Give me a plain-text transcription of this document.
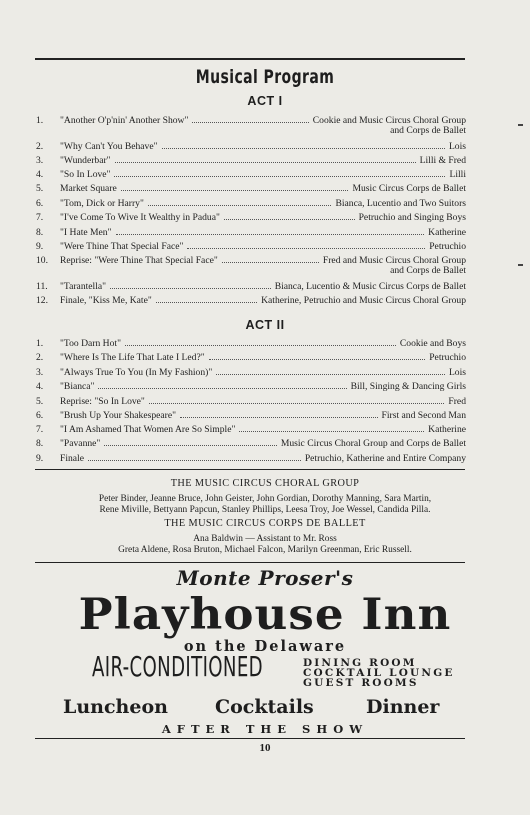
Musical Program
ACT I
1.	"Another O'p'nin' Another Show"	Cookie and Music Circus Choral Group
and Corps de Ballet
2.	"Why Can't You Behave"	Lois
3.	"Wunderbar"	Lilli & Fred
4.	"So In Love"	Lilli
5.	Market Square	Music Circus Corps de Ballet
6.	"Tom, Dick or Harry"	Bianca, Lucentio and Two Suitors
7.	"I've Come To Wive It Wealthy in Padua"	Petruchio and Singing Boys
8.	"I Hate Men"	Katherine
9.	"Were Thine That Special Face"	Petruchio
10.	Reprise: "Were Thine That Special Face"	Fred and Music Circus Choral Group
and Corps de Ballet
11.	"Tarantella"	Bianca, Lucentio & Music Circus Corps de Ballet
12.	Finale, "Kiss Me, Kate"	Katherine, Petruchio and Music Circus Choral Group
ACT II
1.	"Too Darn Hot"	Cookie and Boys
2.	"Where Is The Life That Late I Led?"	Petruchio
3.	"Always True To You (In My Fashion)"	Lois
4.	"Bianca"	Bill, Singing & Dancing Girls
5.	Reprise: "So In Love"	Fred
6.	"Brush Up Your Shakespeare"	First and Second Man
7.	"I Am Ashamed That Women Are So Simple"	Katherine
8.	"Pavanne"	Music Circus Choral Group and Corps de Ballet
9.	Finale	Petruchio, Katherine and Entire Company
THE MUSIC CIRCUS CHORAL GROUP
Peter Binder, Jeanne Bruce, John Geister, John Gordian, Dorothy Manning, Sara Martin,
Rene Miville, Bettyann Papcun, Stanley Phillips, Leesa Troy, Joe Wessel, Candida Pilla.
THE MUSIC CIRCUS CORPS DE BALLET
Ana Baldwin — Assistant to Mr. Ross
Greta Aldene, Rosa Bruton, Michael Falcon, Marilyn Greenman, Eric Russell.
Monte Proser's
Playhouse Inn
on the Delaware
AIR-CONDITIONED	DINING ROOM
COCKTAIL LOUNGE
GUEST ROOMS
Luncheon Cocktails	Dinner
AFTER THE SHOW
10
